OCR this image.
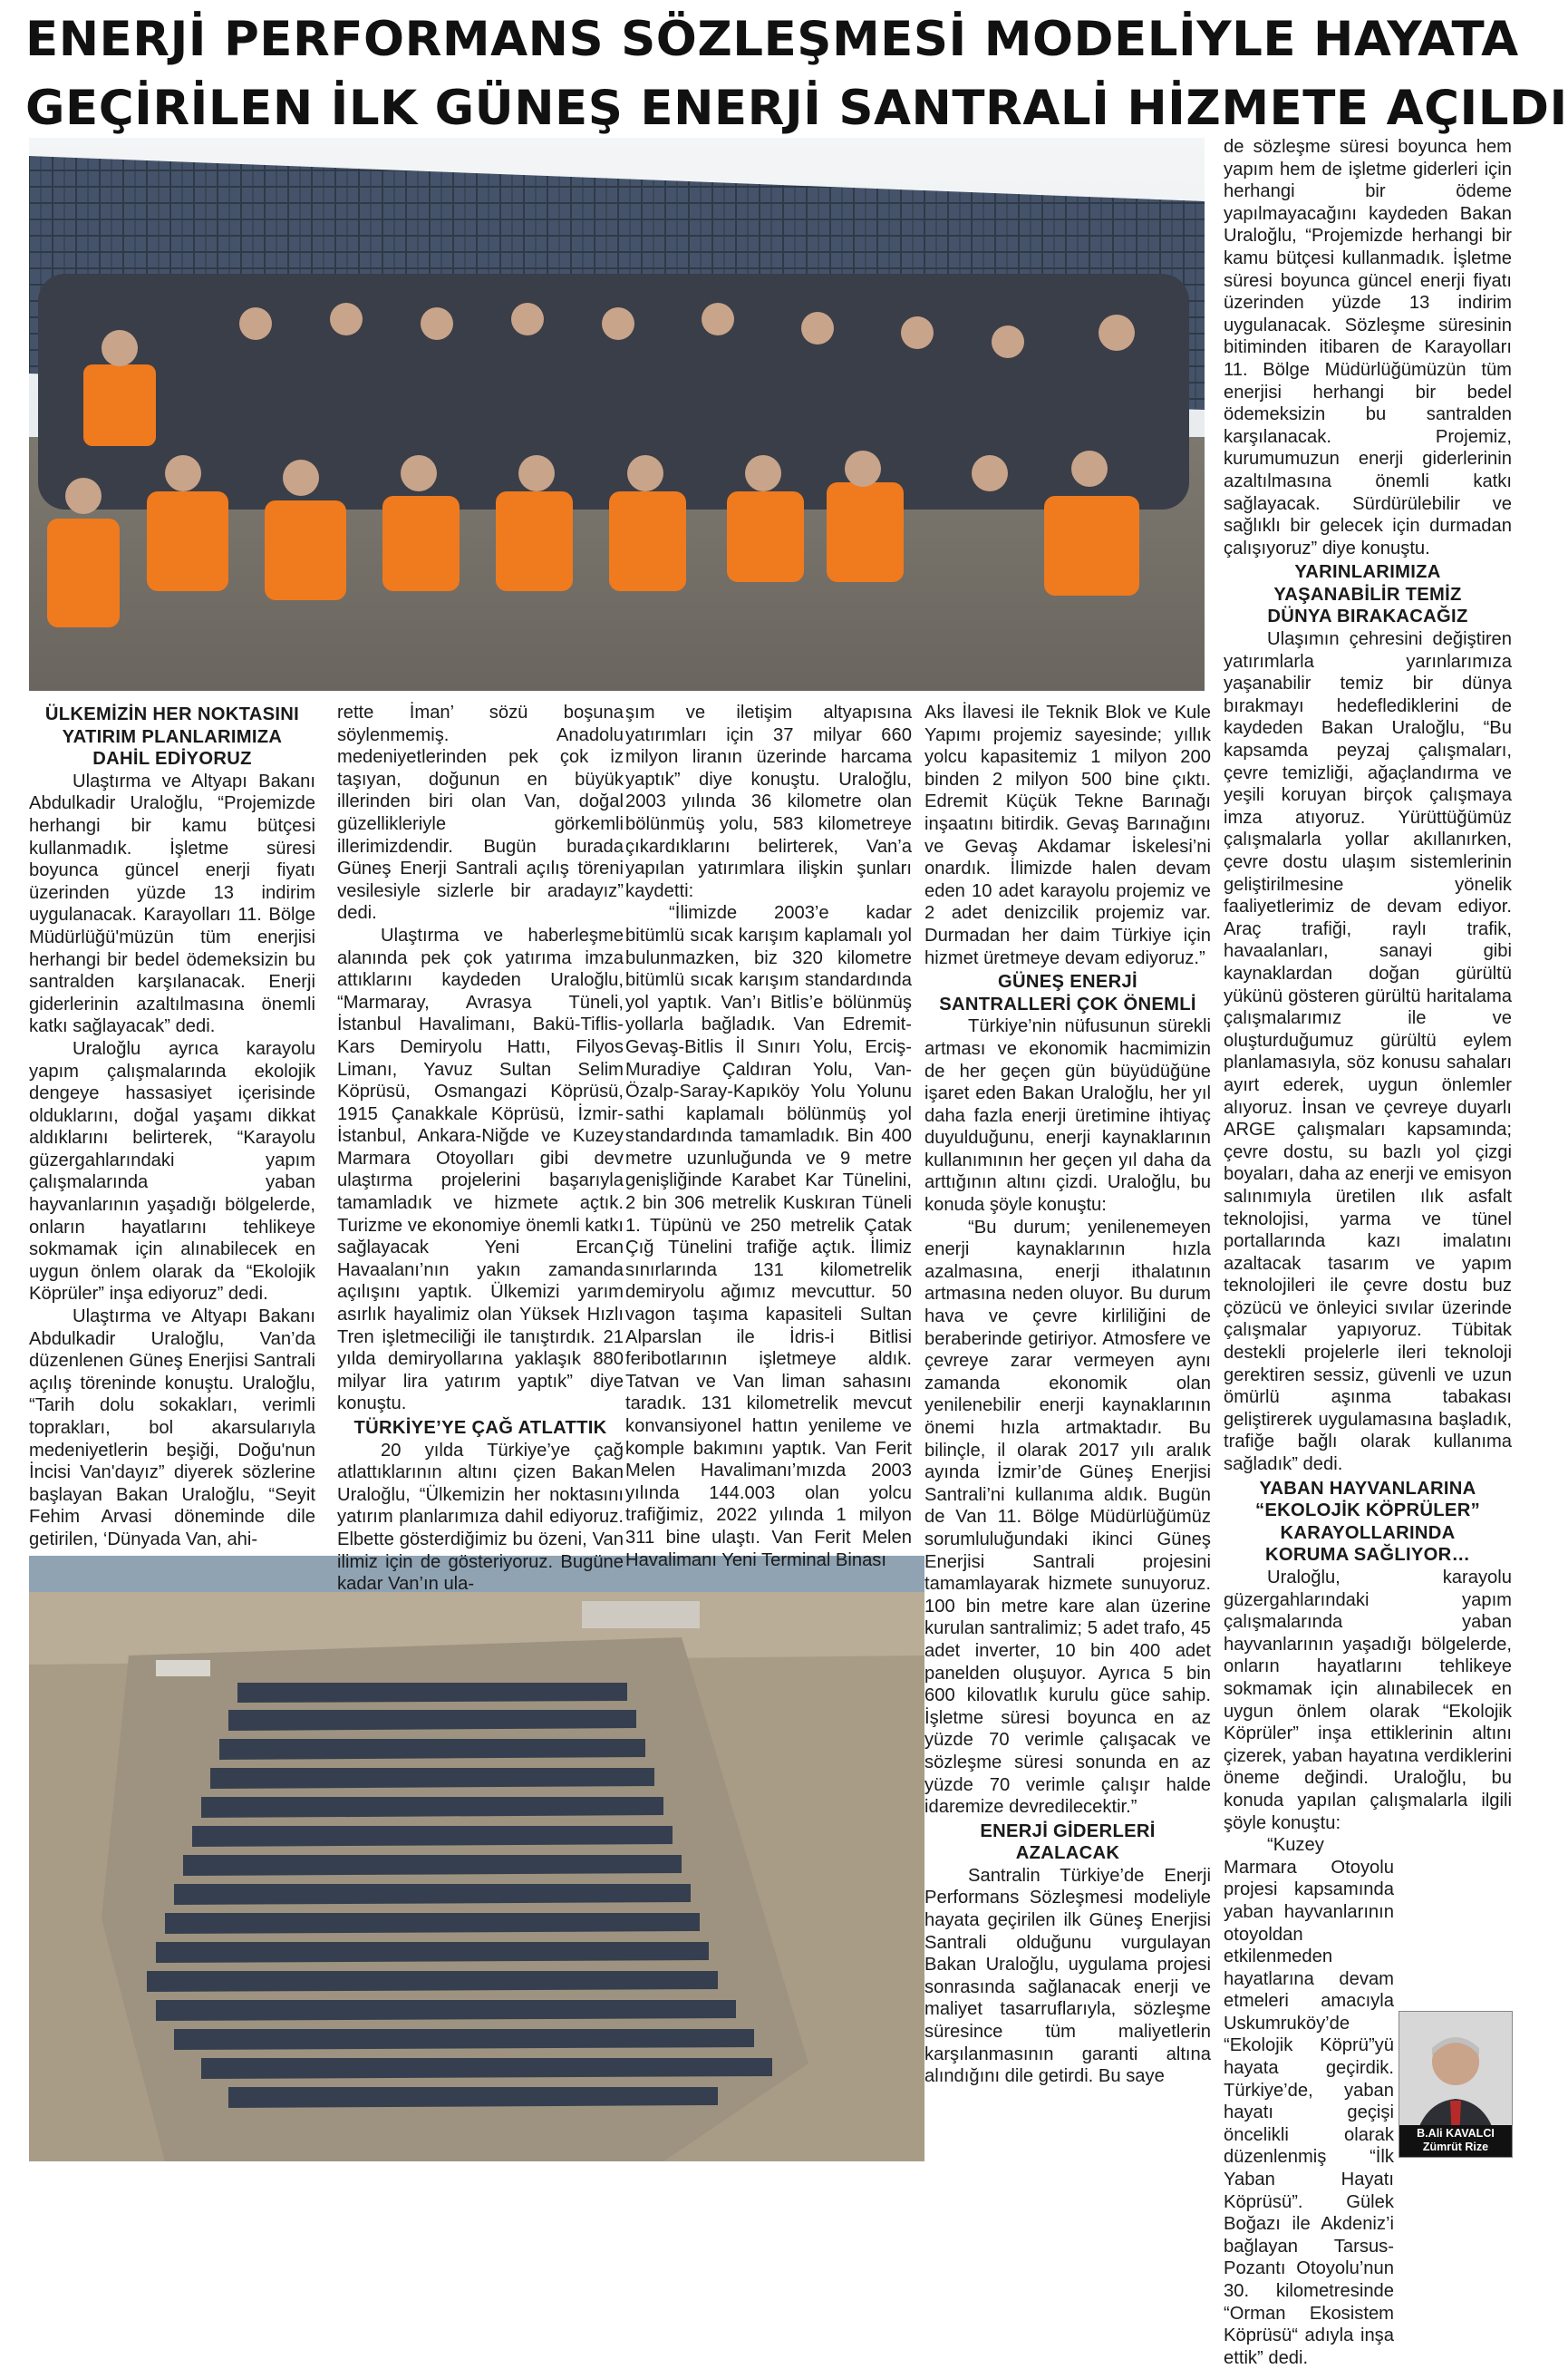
ENERJİ PERFORMANS SÖZLEŞMESİ MODELİYLE HAYATA
GEÇİRİLEN İLK GÜNEŞ ENERJİ SANTRALİ HİZMETE AÇILDI
ÜLKEMİZİN HER NOKTASINI
YATIRIM PLANLARIMIZA
DAHİL EDİYORUZ

Ulaştırma ve Altyapı Bakanı Abdulkadir Uraloğlu, “Projemizde herhangi bir kamu bütçesi kullanmadık. İşletme süresi boyunca güncel enerji fiyatı üzerinden yüzde 13 indirim uygulanacak. Karayolları 11. Bölge Müdürlüğü'müzün tüm enerjisi herhangi bir bedel ödemeksizin bu santralden karşılanacak. Enerji giderlerinin azaltılmasına önemli katkı sağlayacak” dedi.

Uraloğlu ayrıca karayolu yapım çalışmalarında ekolojik dengeye hassasiyet içerisinde olduklarını, doğal yaşamı dikkat aldıklarını belirterek, “Karayolu güzergahlarındaki yapım çalışmalarında yaban hayvanlarının yaşadığı bölgelerde, onların hayatlarını tehlikeye sokmamak için alınabilecek en uygun önlem olarak da “Ekolojik Köprüler” inşa ediyoruz” dedi.

Ulaştırma ve Altyapı Bakanı Abdulkadir Uraloğlu, Van’da düzenlenen Güneş Enerjisi Santrali açılış töreninde konuştu. Uraloğlu, “Tarih dolu sokakları, verimli toprakları, bol akarsularıyla medeniyetlerin beşiği, Doğu'nun İncisi Van'dayız” diyerek sözlerine başlayan Bakan Uraloğlu, “Seyit Fehim Arvasi döneminde dile getirilen, ‘Dünyada Van, ahi-

rette İman’ sözü boşuna söylenmemiş. Anadolu medeniyetlerinden pek çok iz taşıyan, doğunun en büyük illerinden biri olan Van, doğal güzellikleriyle görkemli illerimizdendir. Bugün burada Güneş Enerji Santrali açılış töreni vesilesiyle sizlerle bir aradayız” dedi.

Ulaştırma ve haberleşme alanında pek çok yatırıma imza attıklarını kaydeden Uraloğlu, “Marmaray, Avrasya Tüneli, İstanbul Havalimanı, Bakü-Tiflis-Kars Demiryolu Hattı, Filyos Limanı, Yavuz Sultan Selim Köprüsü, Osmangazi Köprüsü, 1915 Çanakkale Köprüsü, İzmir-İstanbul, Ankara-Niğde ve Kuzey Marmara Otoyolları gibi dev ulaştırma projelerini başarıyla tamamladık ve hizmete açtık. Turizme ve ekonomiye önemli katkı sağlayacak Yeni Ercan Havaalanı’nın yakın zamanda açılışını yaptık. Ülkemizi yarım asırlık hayalimiz olan Yüksek Hızlı Tren işletmeciliği ile tanıştırdık. 21 yılda demiryollarına yaklaşık 880 milyar lira yatırım yaptık” diye konuştu.

TÜRKİYE’YE ÇAĞ ATLATTIK

20 yılda Türkiye’ye çağ atlattıklarının altını çizen Bakan Uraloğlu, “Ülkemizin her noktasını yatırım planlarımıza dahil ediyoruz. Elbette gösterdiğimiz bu özeni, Van ilimiz için de gösteriyoruz. Bugüne kadar Van’ın ula-

şım ve iletişim altyapısına yatırımları için 37 milyar 660 milyon liranın üzerinde harcama yaptık” diye konuştu. Uraloğlu, 2003 yılında 36 kilometre olan bölünmüş yolu, 583 kilometreye çıkardıklarını belirterek, Van’a yapılan yatırımlara ilişkin şunları kaydetti:

“İlimizde 2003’e kadar bitümlü sıcak karışım kaplamalı yol bulunmazken, biz 320 kilometre bitümlü sıcak karışım standardında yol yaptık. Van’ı Bitlis’e bölünmüş yollarla bağladık. Van Edremit-Gevaş-Bitlis İl Sınırı Yolu, Erciş-Muradiye Çaldıran Yolu, Van-Özalp-Saray-Kapıköy Yolu Yolunu sathi kaplamalı bölünmüş yol standardında tamamladık. Bin 400 metre uzunluğunda ve 9 metre genişliğinde Karabet Kar Tünelini, 2 bin 306 metrelik Kuskıran Tüneli 1. Tüpünü ve 250 metrelik Çatak Çığ Tünelini trafiğe açtık. İlimiz sınırlarında 131 kilometrelik demiryolu ağımız mevcuttur. 50 vagon taşıma kapasiteli Sultan Alparslan ile İdris-i Bitlisi feribotlarının işletmeye aldık. Tatvan ve Van liman sahasını taradık. 131 kilometrelik mevcut konvansiyonel hattın yenileme ve komple bakımını yaptık. Van Ferit Melen Havalimanı’mızda 2003 yılında 144.003 olan yolcu trafiğimiz, 2022 yılında 1 milyon 311 bine ulaştı. Van Ferit Melen Havalimanı Yeni Terminal Binası

Aks İlavesi ile Teknik Blok ve Kule Yapımı projemiz sayesinde; yıllık yolcu kapasitemiz 1 milyon 200 binden 2 milyon 500 bine çıktı. Edremit Küçük Tekne Barınağı inşaatını bitirdik. Gevaş Barınağını ve Gevaş Akdamar İskelesi’ni onardık. İlimizde halen devam eden 10 adet karayolu projemiz ve 2 adet denizcilik projemiz var. Durmadan her daim Türkiye için hizmet üretmeye devam ediyoruz.”

GÜNEŞ ENERJİ
SANTRALLERİ ÇOK ÖNEMLİ

Türkiye’nin nüfusunun sürekli artması ve ekonomik hacmimizin de her geçen gün büyüdüğüne işaret eden Bakan Uraloğlu, her yıl daha fazla enerji üretimine ihtiyaç duyulduğunu, enerji kaynaklarının kullanımının her geçen yıl daha da arttığının altını çizdi. Uraloğlu, bu konuda şöyle konuştu:

“Bu durum; yenilenemeyen enerji kaynaklarının hızla azalmasına, enerji ithalatının artmasına neden oluyor. Bu durum hava ve çevre kirliliğini de beraberinde getiriyor. Atmosfere ve çevreye zarar vermeyen aynı zamanda ekonomik olan yenilenebilir enerji kaynaklarının önemi hızla artmaktadır. Bu bilinçle, il olarak 2017 yılı aralık ayında İzmir’de Güneş Enerjisi Santrali’ni kullanıma aldık. Bugün de Van 11. Bölge Müdürlüğümüz sorumluluğundaki ikinci Güneş Enerjisi Santrali projesini tamamlayarak hizmete sunuyoruz. 100 bin metre kare alan üzerine kurulan santralimiz; 5 adet trafo, 45 adet inverter, 10 bin 400 adet panelden oluşuyor. Ayrıca 5 bin 600 kilovatlık kurulu güce sahip. İşletme süresi boyunca en az yüzde 70 verimle çalışacak ve sözleşme süresi sonunda en az yüzde 70 verimle çalışır halde idaremize devredilecektir.”

ENERJİ GİDERLERİ
AZALACAK

Santralin Türkiye’de Enerji Performans Sözleşmesi modeliyle hayata geçirilen ilk Güneş Enerjisi Santrali olduğunu vurgulayan Bakan Uraloğlu, uygulama projesi sonrasında sağlanacak enerji ve maliyet tasarruflarıyla, sözleşme süresince tüm maliyetlerin karşılanmasının garanti altına alındığını dile getirdi. Bu saye

de sözleşme süresi boyunca hem yapım hem de işletme giderleri için herhangi bir ödeme yapılmayacağını kaydeden Bakan Uraloğlu, “Projemizde herhangi bir kamu bütçesi kullanmadık. İşletme süresi boyunca güncel enerji fiyatı üzerinden yüzde 13 indirim uygulanacak. Sözleşme süresinin bitiminden itibaren de Karayolları 11. Bölge Müdürlüğümüzün tüm enerjisi herhangi bir bedel ödemeksizin bu santralden karşılanacak. Projemiz, kurumumuzun enerji giderlerinin azaltılmasına önemli katkı sağlayacak. Sürdürülebilir ve sağlıklı bir gelecek için durmadan çalışıyoruz” diye konuştu.

YARINLARIMIZA
YAŞANABİLİR TEMİZ
DÜNYA BIRAKACAĞIZ

Ulaşımın çehresini değiştiren yatırımlarla yarınlarımıza yaşanabilir temiz bir dünya bırakmayı hedeflediklerini de kaydeden Bakan Uraloğlu, “Bu kapsamda peyzaj çalışmaları, çevre temizliği, ağaçlandırma ve yeşili koruyan birçok çalışmaya imza atıyoruz. Yürüttüğümüz çalışmalarla yollar akıllanırken, çevre dostu ulaşım sistemlerinin geliştirilmesine yönelik faaliyetlerimiz de devam ediyor. Araç trafiği, raylı trafik, havaalanları, sanayi gibi kaynaklardan doğan gürültü yükünü gösteren gürültü haritalama çalışmalarımız ile ve oluşturduğumuz gürültü eylem planlamasıyla, söz konusu sahaları ayırt ederek, uygun önlemler alıyoruz. İnsan ve çevreye duyarlı ARGE çalışmaları kapsamında; çevre dostu, su bazlı yol çizgi boyaları, daha az enerji ve emisyon salınımıyla üretilen ılık asfalt teknolojisi, yarma ve tünel portallarında kazı imalatını azaltacak tasarım ve yapım teknolojileri ile çevre dostu buz çözücü ve önleyici sıvılar üzerinde çalışmalar yapıyoruz. Tübitak destekli projelerle ileri teknoloji gerektiren sessiz, güvenli ve uzun ömürlü aşınma tabakası geliştirerek uygulamasına başladık, trafiğe bağlı olarak kullanıma sağladık” dedi.

YABAN HAYVANLARINA
“EKOLOJİK KÖPRÜLER”
KARAYOLLARINDA
KORUMA SAĞLIYOR…

Uraloğlu, karayolu güzergahlarındaki yapım çalışmalarında yaban hayvanlarının yaşadığı bölgelerde, onların hayatlarını tehlikeye sokmamak için alınabilecek en uygun önlem olarak “Ekolojik Köprüler” inşa ettiklerinin altını çizerek, yaban hayatına verdiklerini öneme değindi. Uraloğlu, bu konuda yapılan çalışmalarla ilgili şöyle konuştu:

“Kuzey Marmara Otoyolu projesi kapsamında yaban hayvanlarının otoyoldan etkilenmeden hayatlarına devam etmeleri amacıyla Uskumruköy’de “Ekolojik Köprü”yü hayata geçirdik. Türkiye’de, yaban hayatı geçişi öncelikli olarak düzenlenmiş “İlk Yaban Hayatı Köprüsü”. Gülek Boğazı ile Akdeniz’i bağlayan Tarsus-Pozantı Otoyolu’nun 30. kilometresinde “Orman Ekosistem Köprüsü“ adıyla inşa ettik” dedi.

B.Ali KAVALCI
Zümrüt Rize
